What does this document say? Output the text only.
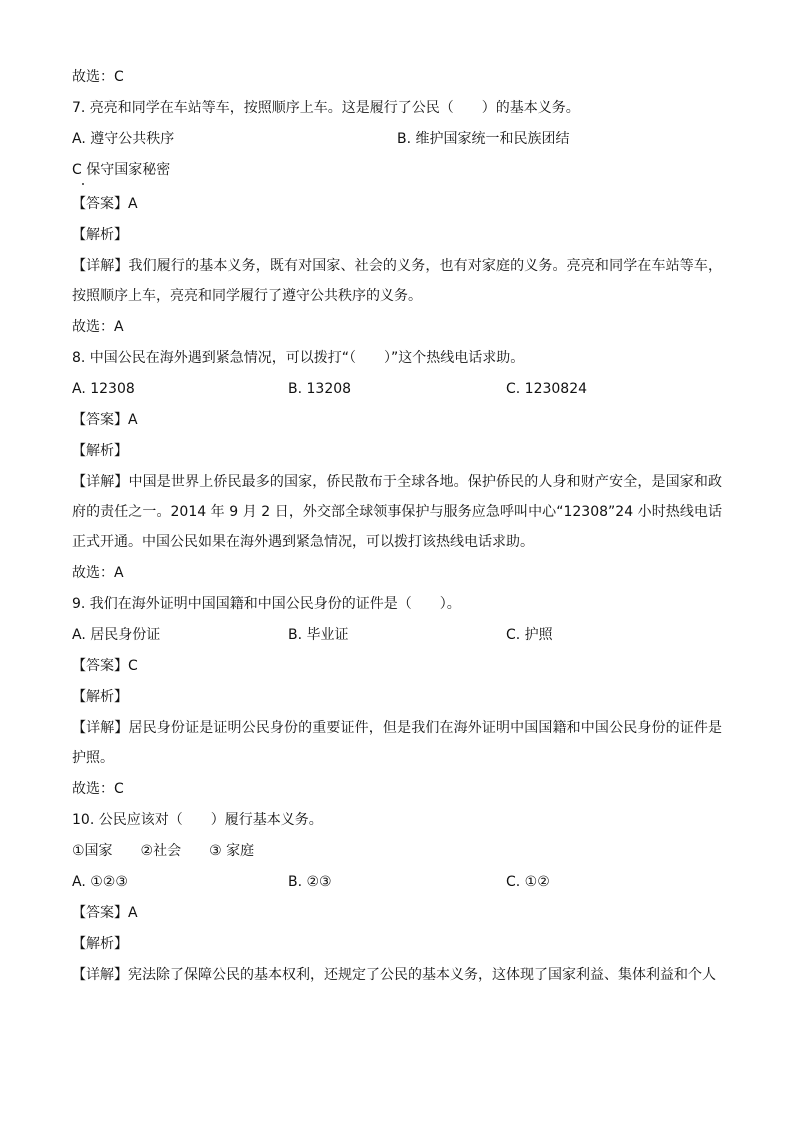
故选：C
7. 亮亮和同学在车站等车，按照顺序上车。这是履行了公民（　　）的基本义务。
A. 遵守公共秩序	B. 维护国家统一和民族团结
C 保守国家秘密
【答案】A
【解析】
【详解】我们履行的基本义务，既有对国家、社会的义务，也有对家庭的义务。亮亮和同学在车站等车，按照顺序上车，亮亮和同学履行了遵守公共秩序的义务。
故选：A
8. 中国公民在海外遇到紧急情况，可以拨打“（　　）”这个热线电话求助。
A. 12308	B. 13208	C. 1230824
【答案】A
【解析】
【详解】中国是世界上侨民最多的国家，侨民散布于全球各地。保护侨民的人身和财产安全，是国家和政府的责任之一。2014 年 9 月 2 日，外交部全球领事保护与服务应急呼叫中心“12308”24 小时热线电话正式开通。中国公民如果在海外遇到紧急情况，可以拨打该热线电话求助。
故选：A
9. 我们在海外证明中国国籍和中国公民身份的证件是（　　）。
A. 居民身份证	B. 毕业证	C. 护照
【答案】C
【解析】
【详解】居民身份证是证明公民身份的重要证件，但是我们在海外证明中国国籍和中国公民身份的证件是护照。
故选：C
10. 公民应该对（　　）履行基本义务。
①国家　　②社会　　③ 家庭
A. ①②③	B. ②③	C. ①②
【答案】A
【解析】
【详解】宪法除了保障公民的基本权利，还规定了公民的基本义务，这体现了国家利益、集体利益和个人
